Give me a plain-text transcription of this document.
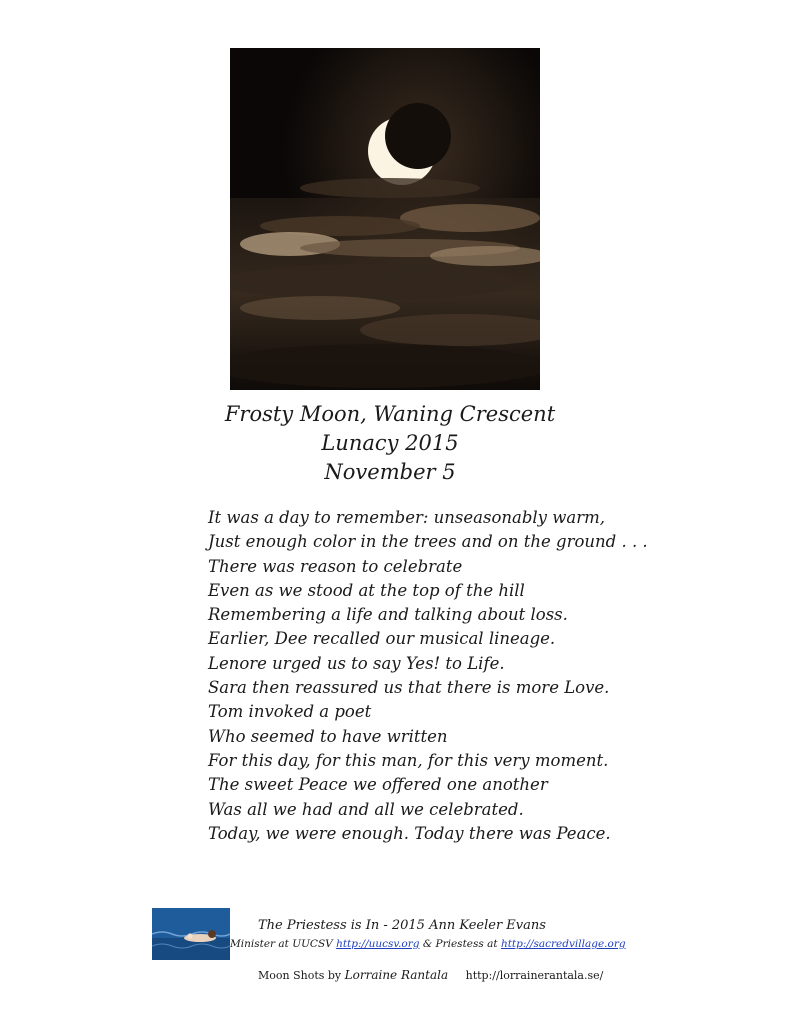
Frosty Moon, Waning Crescent
Lunacy 2015
November 5
It was a day to remember: unseasonably warm,
Just enough color in the trees and on the ground . . .
There was reason to celebrate
Even as we stood at the top of the hill
Remembering a life and talking about loss.
Earlier, Dee recalled our musical lineage.
Lenore urged us to say Yes! to Life.
Sara then reassured us that there is more Love.
Tom invoked a poet
Who seemed to have written
For this day, for this man, for this very moment.
The sweet Peace we offered one another
Was all we had and all we celebrated.
Today, we were enough. Today there was Peace.
The Priestess is In - 2015 Ann Keeler Evans
Minister at UUCSV http://uucsv.org & Priestess at http://sacredvillage.org
Moon Shots by Lorraine Rantala http://lorrainerantala.se/
